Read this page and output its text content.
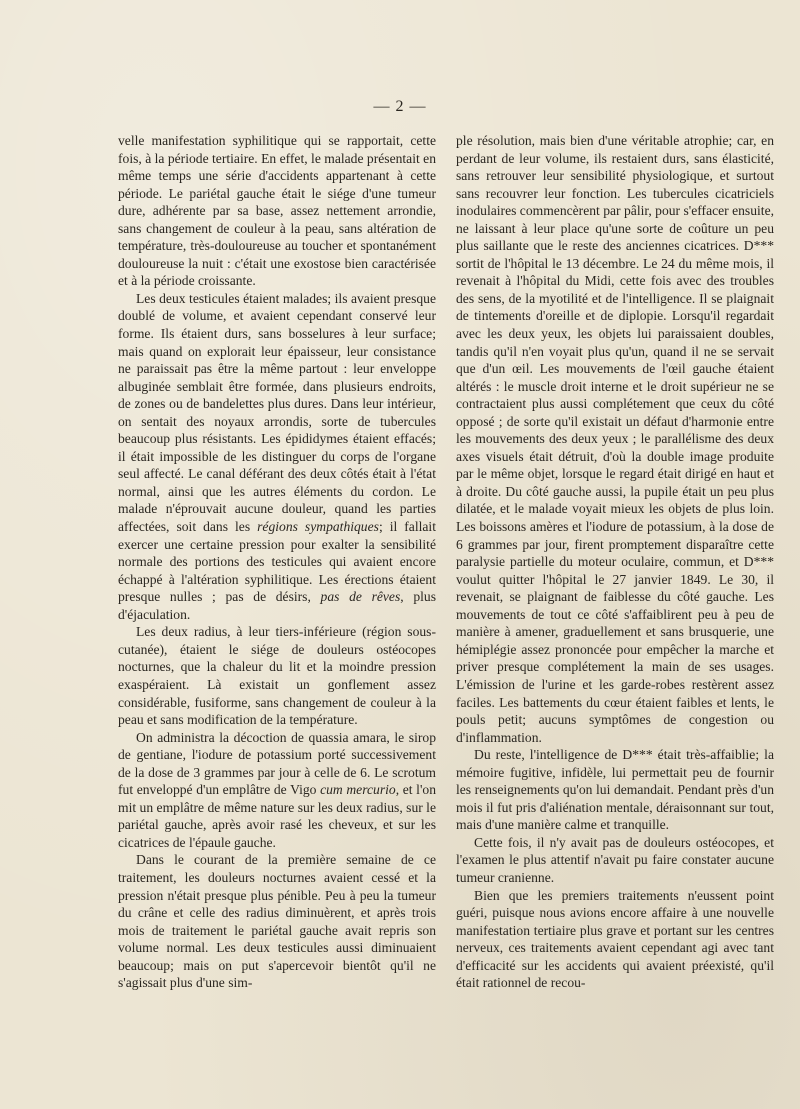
— 2 —

velle manifestation syphilitique qui se rapportait, cette fois, à la période tertiaire. En effet, le malade présentait en même temps une série d'accidents appartenant à cette période. Le pariétal gauche était le siége d'une tumeur dure, adhérente par sa base, assez nettement arrondie, sans changement de couleur à la peau, sans altération de température, très-douloureuse au toucher et spontanément douloureuse la nuit : c'était une exostose bien caractérisée et à la période croissante.

Les deux testicules étaient malades; ils avaient presque doublé de volume, et avaient cependant conservé leur forme. Ils étaient durs, sans bosselures à leur surface; mais quand on explorait leur épaisseur, leur consistance ne paraissait pas être la même partout : leur enveloppe albuginée semblait être formée, dans plusieurs endroits, de zones ou de bandelettes plus dures. Dans leur intérieur, on sentait des noyaux arrondis, sorte de tubercules beaucoup plus résistants. Les épididymes étaient effacés; il était impossible de les distinguer du corps de l'organe seul affecté. Le canal déférant des deux côtés était à l'état normal, ainsi que les autres éléments du cordon. Le malade n'éprouvait aucune douleur, quand les parties affectées, soit dans les régions sympathiques; il fallait exercer une certaine pression pour exalter la sensibilité normale des portions des testicules qui avaient encore échappé à l'altération syphilitique. Les érections étaient presque nulles ; pas de désirs, pas de rêves, plus d'éjaculation.

Les deux radius, à leur tiers-inférieure (région sous-cutanée), étaient le siége de douleurs ostéocopes nocturnes, que la chaleur du lit et la moindre pression exaspéraient. Là existait un gonflement assez considérable, fusiforme, sans changement de couleur à la peau et sans modification de la température.

On administra la décoction de quassia amara, le sirop de gentiane, l'iodure de potassium porté successivement de la dose de 3 grammes par jour à celle de 6. Le scrotum fut enveloppé d'un emplâtre de Vigo cum mercurio, et l'on mit un emplâtre de même nature sur les deux radius, sur le pariétal gauche, après avoir rasé les cheveux, et sur les cicatrices de l'épaule gauche.

Dans le courant de la première semaine de ce traitement, les douleurs nocturnes avaient cessé et la pression n'était presque plus pénible. Peu à peu la tumeur du crâne et celle des radius diminuèrent, et après trois mois de traitement le pariétal gauche avait repris son volume normal. Les deux testicules aussi diminuaient beaucoup; mais on put s'apercevoir bientôt qu'il ne s'agissait plus d'une sim-

ple résolution, mais bien d'une véritable atrophie; car, en perdant de leur volume, ils restaient durs, sans élasticité, sans retrouver leur sensibilité physiologique, et surtout sans recouvrer leur fonction. Les tubercules cicatriciels inodulaires commencèrent par pâlir, pour s'effacer ensuite, ne laissant à leur place qu'une sorte de coûture un peu plus saillante que le reste des anciennes cicatrices. D*** sortit de l'hôpital le 13 décembre. Le 24 du même mois, il revenait à l'hôpital du Midi, cette fois avec des troubles des sens, de la myotilité et de l'intelligence. Il se plaignait de tintements d'oreille et de diplopie. Lorsqu'il regardait avec les deux yeux, les objets lui paraissaient doubles, tandis qu'il n'en voyait plus qu'un, quand il ne se servait que d'un œil. Les mouvements de l'œil gauche étaient altérés : le muscle droit interne et le droit supérieur ne se contractaient plus aussi complétement que ceux du côté opposé ; de sorte qu'il existait un défaut d'harmonie entre les mouvements des deux yeux ; le parallélisme des deux axes visuels était détruit, d'où la double image produite par le même objet, lorsque le regard était dirigé en haut et à droite. Du côté gauche aussi, la pupile était un peu plus dilatée, et le malade voyait mieux les objets de plus loin. Les boissons amères et l'iodure de potassium, à la dose de 6 grammes par jour, firent promptement disparaître cette paralysie partielle du moteur oculaire, commun, et D*** voulut quitter l'hôpital le 27 janvier 1849. Le 30, il revenait, se plaignant de faiblesse du côté gauche. Les mouvements de tout ce côté s'affaiblirent peu à peu de manière à amener, graduellement et sans brusquerie, une hémiplégie assez prononcée pour empêcher la marche et priver presque complétement la main de ses usages. L'émission de l'urine et les garde-robes restèrent assez faciles. Les battements du cœur étaient faibles et lents, le pouls petit; aucuns symptômes de congestion ou d'inflammation.

Du reste, l'intelligence de D*** était très-affaiblie; la mémoire fugitive, infidèle, lui permettait peu de fournir les renseignements qu'on lui demandait. Pendant près d'un mois il fut pris d'aliénation mentale, déraisonnant sur tout, mais d'une manière calme et tranquille.

Cette fois, il n'y avait pas de douleurs ostéocopes, et l'examen le plus attentif n'avait pu faire constater aucune tumeur cranienne.

Bien que les premiers traitements n'eussent point guéri, puisque nous avions encore affaire à une nouvelle manifestation tertiaire plus grave et portant sur les centres nerveux, ces traitements avaient cependant agi avec tant d'efficacité sur les accidents qui avaient préexisté, qu'il était rationnel de recou-
